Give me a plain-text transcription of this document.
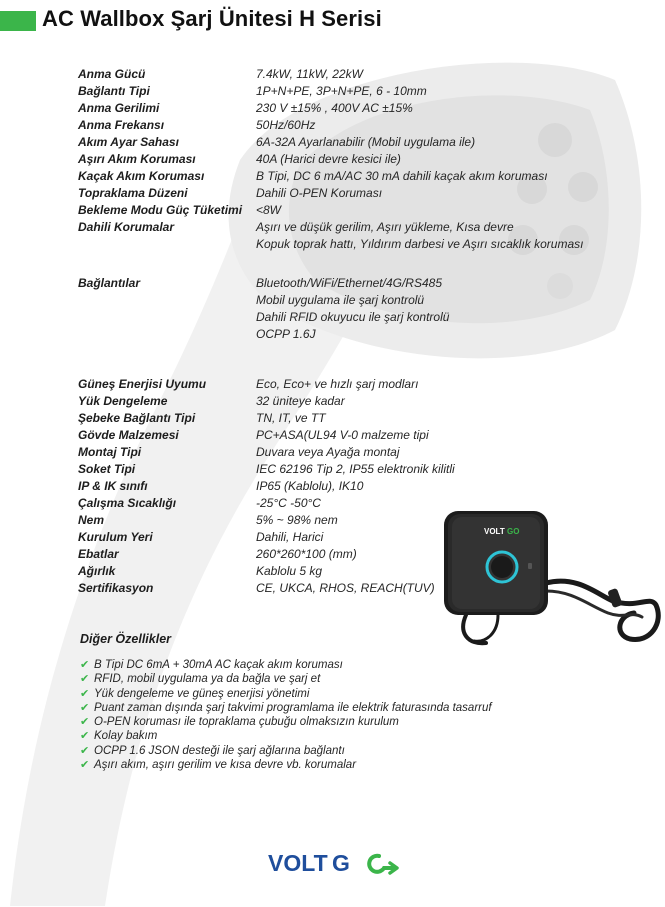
AC Wallbox Şarj Ünitesi H Serisi
Anma Gücü	7.4kW, 11kW, 22kW
Bağlantı Tipi	1P+N+PE, 3P+N+PE, 6 - 10mm
Anma Gerilimi	230 V ±15% , 400V AC ±15%
Anma Frekansı	50Hz/60Hz
Akım Ayar Sahası	6A-32A Ayarlanabilir (Mobil uygulama ile)
Aşırı Akım Koruması	40A (Harici devre kesici ile)
Kaçak Akım Koruması	B Tipi, DC 6 mA/AC 30 mA dahili kaçak akım koruması
Topraklama Düzeni	Dahili O-PEN Koruması
Bekleme Modu Güç Tüketimi <8W
Dahili Korumalar	Aşırı ve düşük gerilim, Aşırı yükleme, Kısa devre
Kopuk toprak hattı, Yıldırım darbesi ve Aşırı sıcaklık koruması
Bağlantılar	Bluetooth/WiFi/Ethernet/4G/RS485
Mobil uygulama ile şarj kontrolü
Dahili RFID okuyucu ile şarj kontrolü
OCPP 1.6J
Güneş Enerjisi Uyumu	Eco, Eco+ ve hızlı şarj modları
Yük Dengeleme	32 üniteye kadar
Şebeke Bağlantı Tipi	TN, IT, ve TT
Gövde Malzemesi	PC+ASA(UL94 V-0 malzeme tipi
Montaj Tipi	Duvara veya Ayağa montaj
Soket Tipi	IEC 62196 Tip 2, IP55 elektronik kilitli
IP & IK sınıfı	IP65 (Kablolu), IK10
Çalışma Sıcaklığı	-25°C -50°C
Nem	5% ~ 98% nem
Kurulum Yeri	Dahili, Harici
Ebatlar	260*260*100 (mm)
Ağırlık	Kablolu 5 kg
Sertifikasyon	CE, UKCA, RHOS, REACH(TUV)
VOLT GO
Diğer Özellikler
✔ B Tipi DC 6mA + 30mA AC kaçak akım koruması
✔ RFID, mobil uygulama ya da bağla ve şarj et
✔ Yük dengeleme ve güneş enerjisi yönetimi
✔ Puant zaman dışında şarj takvimi programlama ile elektrik faturasında tasarruf
✔ O-PEN koruması ile topraklama çubuğu olmaksızın kurulum
✔ Kolay bakım
✔ OCPP 1.6 JSON desteği ile şarj ağlarına bağlantı
✔ Aşırı akım, aşırı gerilim ve kısa devre vb. korumalar
VOLT G
